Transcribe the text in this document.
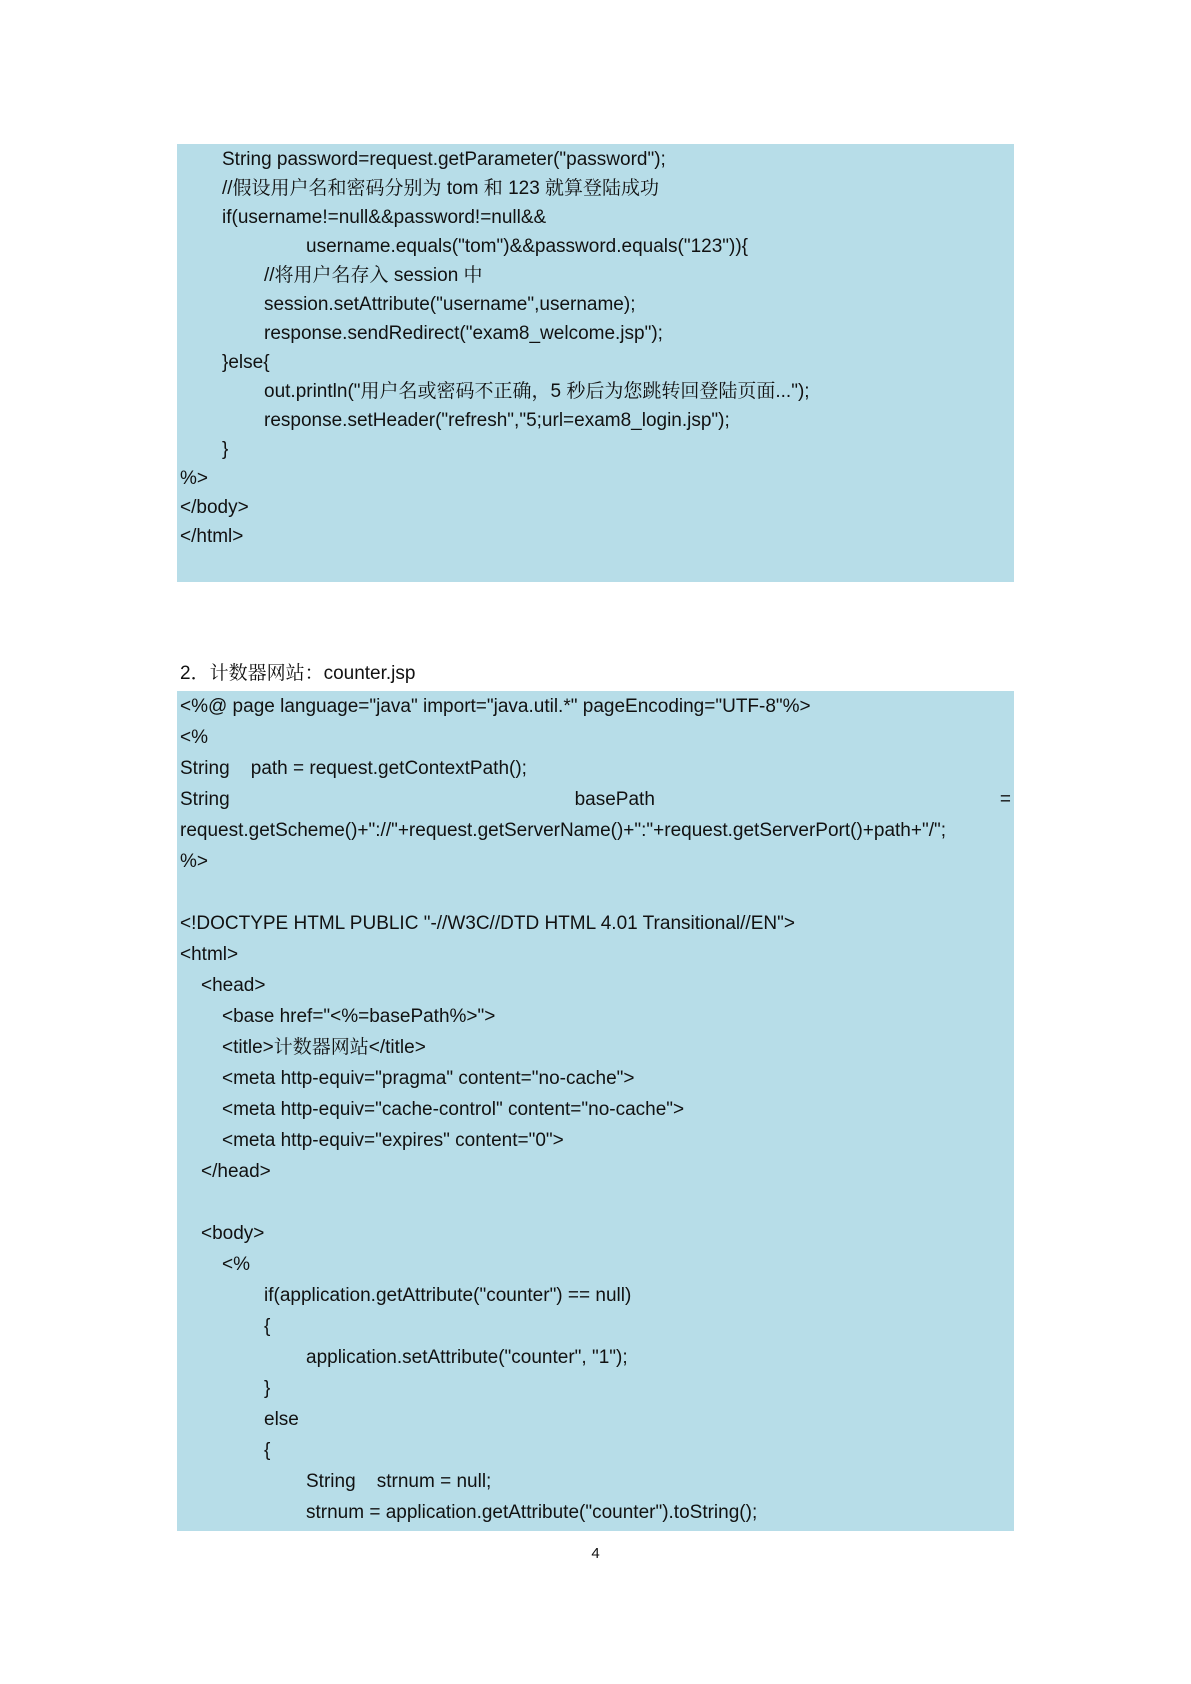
String password=request.getParameter("password");
//假设用户名和密码分别为 tom 和 123 就算登陆成功
if(username!=null&&password!=null&&
username.equals("tom")&&password.equals("123")){
//将用户名存入 session 中
session.setAttribute("username",username);
response.sendRedirect("exam8_welcome.jsp");
}else{
out.println("用户名或密码不正确，5 秒后为您跳转回登陆页面...");
response.setHeader("refresh","5;url=exam8_login.jsp");
}
%>
</body>
</html>
2．计数器网站：counter.jsp
<%@ page language="java" import="java.util.*" pageEncoding="UTF-8"%>
<%
String    path = request.getContextPath();
String	basePath	=
request.getScheme()+"://"+request.getServerName()+":"+request.getServerPort()+path+"/";
%>
<!DOCTYPE HTML PUBLIC "-//W3C//DTD HTML 4.01 Transitional//EN">
<html>
<head>
<base href="<%=basePath%>">
<title>计数器网站</title>
<meta http-equiv="pragma" content="no-cache">
<meta http-equiv="cache-control" content="no-cache">
<meta http-equiv="expires" content="0">
</head>
<body>
<%
if(application.getAttribute("counter") == null)
{
application.setAttribute("counter", "1");
}
else
{
String    strnum = null;
strnum = application.getAttribute("counter").toString();
4
